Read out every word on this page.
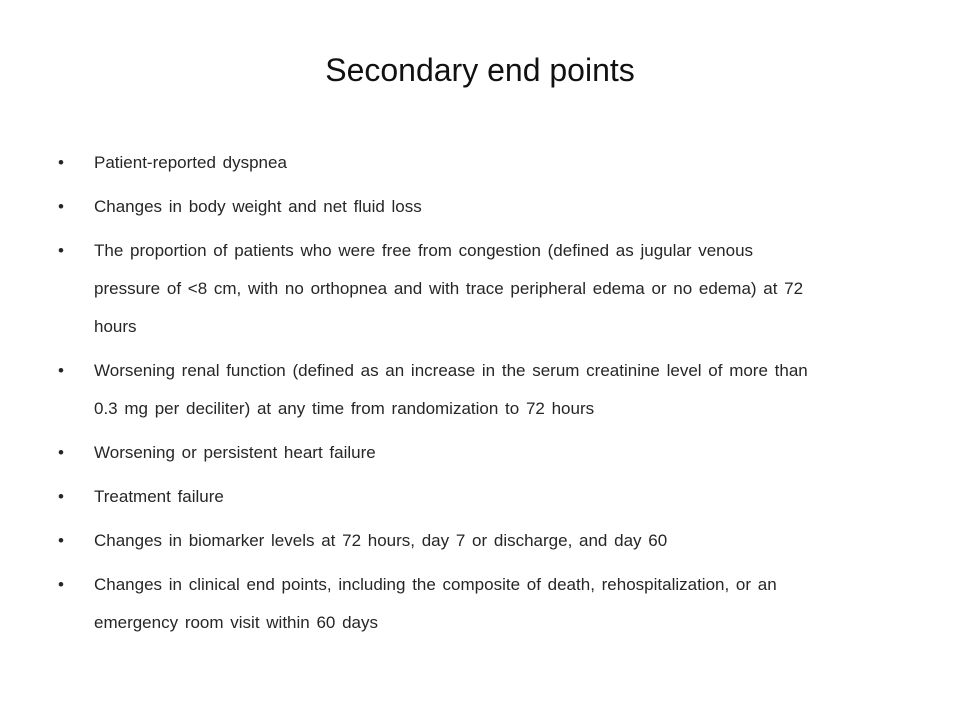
Secondary end points
•
Patient-reported dyspnea
•
Changes in body weight and net fluid loss
•
The proportion of patients who were free from congestion (defined as jugular venous
pressure of <8 cm, with no orthopnea and with trace peripheral edema or no edema) at 72
hours
•
Worsening renal function (defined as an increase in the serum creatinine level of more than
0.3 mg per deciliter) at any time from randomization to 72 hours
•
Worsening or persistent heart failure
•
Treatment failure
•
Changes in biomarker levels at 72 hours, day 7 or discharge, and day 60
•
Changes in clinical end points, including the composite of death, rehospitalization, or an
emergency room visit within 60 days
